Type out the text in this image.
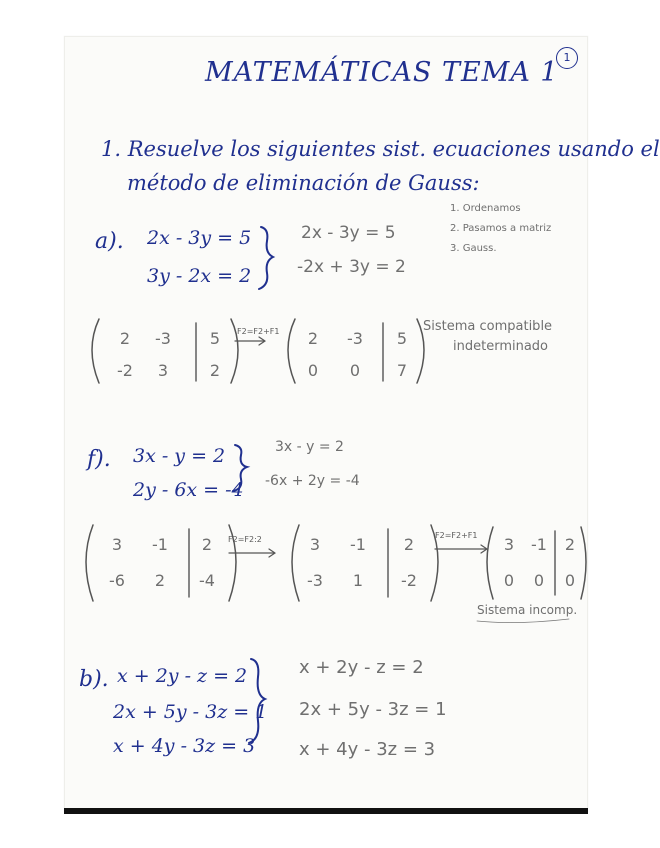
MATEMÁTICAS TEMA 1 1
1. Resuelve los siguientes sist. ecuaciones usando el
método de eliminación de Gauss:
1. Ordenamos
2. Pasamos a matriz
3. Gauss.
a). 2x - 3y = 5
3y - 2x = 2
2x - 3y = 5
-2x + 3y = 2
2	-3	5
-2	3	2
F2=F2+F1	2	-3	5
0	0	7
Sistema compatible
indeterminado
f). 3x - y = 2
2y - 6x = -4
3x - y = 2
-6x + 2y = -4
3	-1	2
-6	2	-4
F2=F2:2	3	-1	2
-3	1	-2
F2=F2+F1	3	-1	2
0	0	0
Sistema incomp.
b). x + 2y - z = 2
2x + 5y - 3z = 1
x + 4y - 3z = 3
x + 2y - z = 2
2x + 5y - 3z = 1
x + 4y - 3z = 3
